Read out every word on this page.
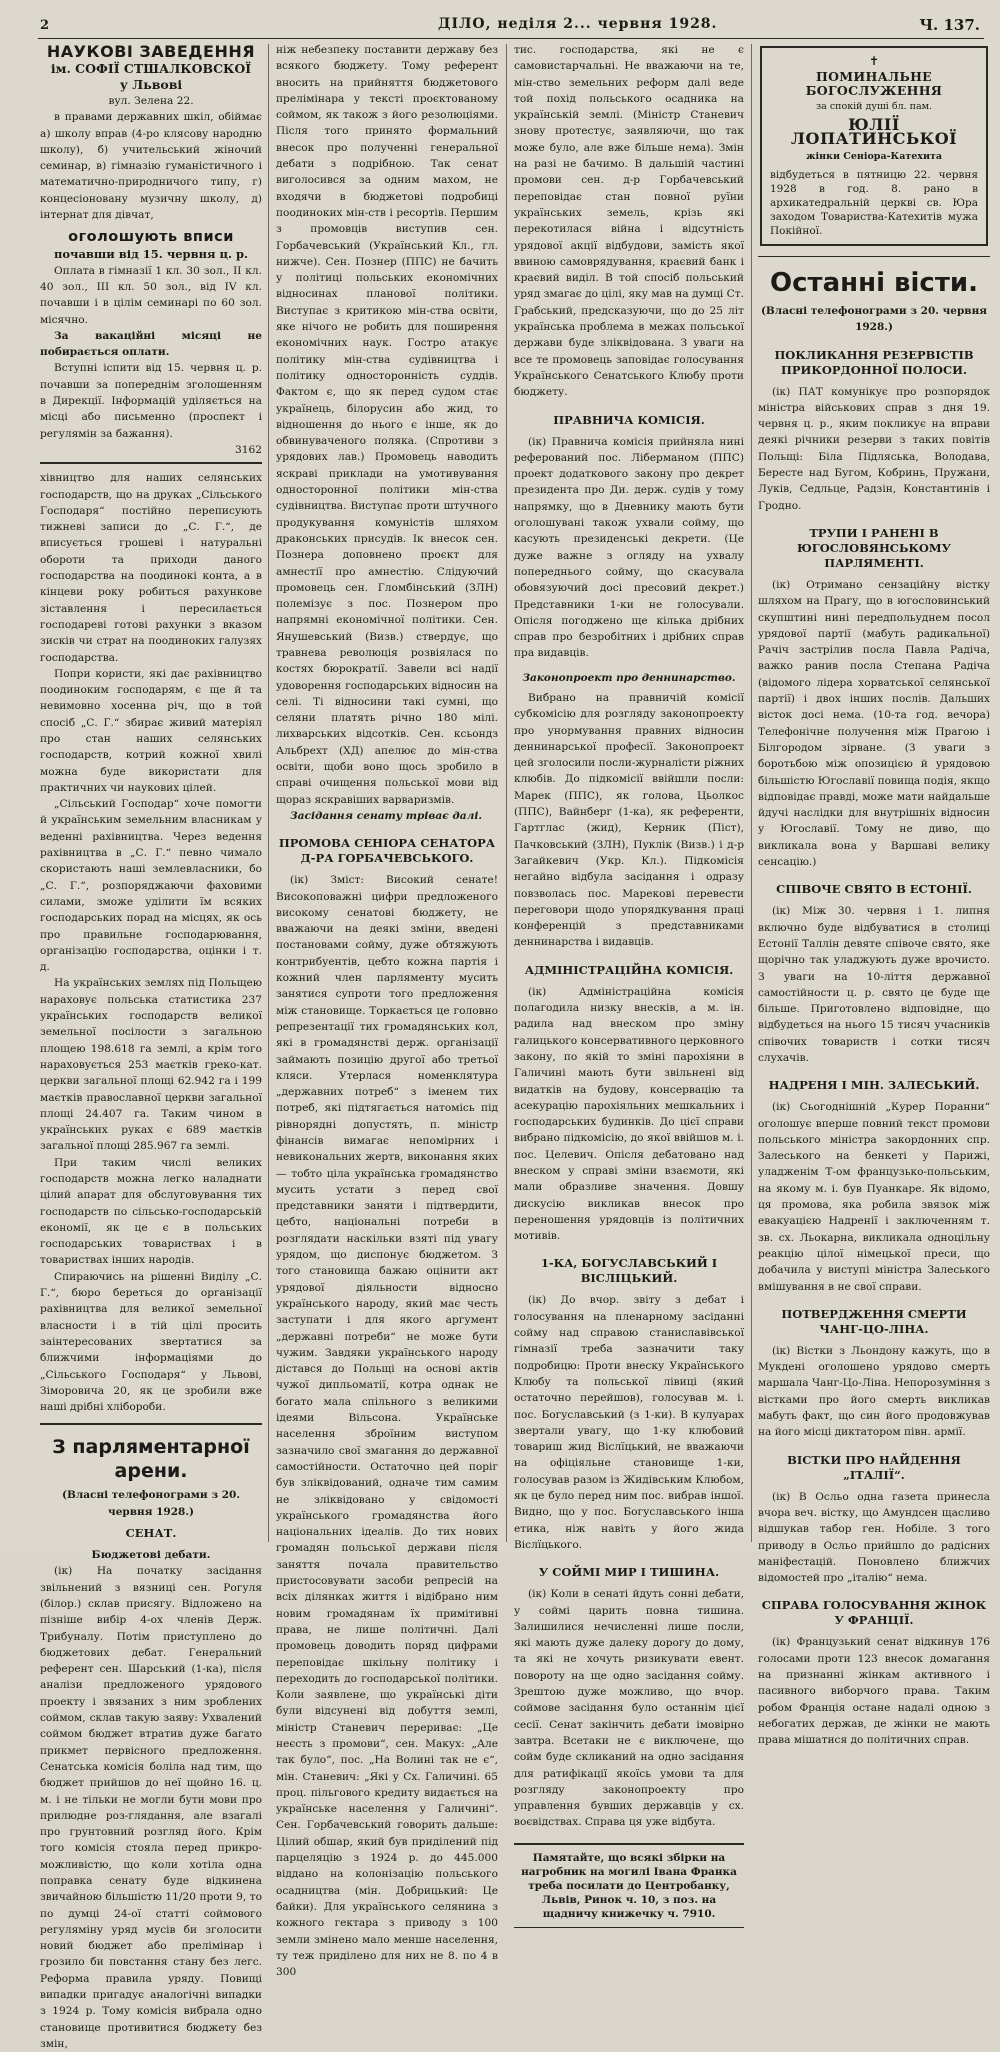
2	ДІЛО, неділя 2... червня 1928.	Ч. 137.
НАУКОВІ ЗАВЕДЕННЯ
ім. СОФІЇ СТШАЛКОВСКОЇ
у Львові
вул. Зелена 22.

в правами державних шкіл, обіймає а) школу вправ (4-ро клясову народню школу), б) учительський жіночий семинар, в) гімназію гуманістичного і математично-природничого типу, г) концесіоновану музичну школу, д) інтернат для дівчат,

оголошують вписи
почавши від 15. червня ц. р.

Оплата в гімназії 1 кл. 30 зол., II кл. 40 зол., III кл. 50 зол., від IV кл. почавши і в цілім семинарі по 60 зол. місячно.

За вакаційні місяці не побирається оплати.

Вступні іспити від 15. червня ц. р. почавши за попереднім зголошенням в Дирекції. Інформацій уділяється на місці або письменно (проспект і регулямін за бажання).

3162

хівництво для наших селянських господарств, що на друках „Сільського Господаря“ постійно переписують тижневі записи до „С. Г.“, де вписується грошеві і натуральні обороти та приходи даного господарства на поодинокі конта, а в кінцеви року робиться рахункове зіставлення і пересилається господареві готові рахунки з вказом зисків чи страт на поодиноких галузях господарства.

Попри користи, які дає рахівництво поодиноким господарям, є ще й та невимовно хосенна річ, що в той спосіб „С. Г.“ збирає живий матеріял про стан наших селянських господарств, котрий кожної хвилі можна буде використати для практичних чи наукових цілей.

„Сільський Господар“ хоче помогти й українським земельним власникам у веденні рахівництва. Через ведення рахівництва в „С. Г.“ певно чимало скористають наші землевласники, бо „С. Г.“, розпоряджаючи фаховими силами, зможе уділити їм всяких господарських порад на місцях, як ось про правильне господарювання, організацію господарства, оцінки і т. д.

На українських землях під Польщею нараховує польська статистика 237 українських господарств великої земельної посілости з загальною площею 198.618 га землі, а крім того нараховується 253 маєтків греко-кат. церкви загальної площі 62.942 га і 199 маєтків православної церкви загальної площі 24.407 га. Таким чином в українських руках є 689 маєтків загальної площі 285.967 га землі.

При таким числі великих господарств можна легко наладнати цілий апарат для обслуговування тих господарств по сільсько-господарській економії, як це є в польських господарських товариствах і в товариствах інших народів.

Спираючись на рішенні Виділу „С. Г.“, бюро береться до організації рахівництва для великої земельної власности і в тій цілі просить заінтересованих звертатися за ближчими інформаціями до „Сільського Господаря“ у Львові, Зіморовича 20, як це зробили вже наші дрібні хлібороби.

З парляментарної арени.
(Власні телефонограми з 20. червня 1928.)
СЕНАТ.
Бюджетові дебати.

(ік) На початку засідання звільнений з вязниці сен. Рогуля (білор.) склав присягу. Відложено на пізніше вибір 4-ох членів Держ. Трибуналу. Потім приступлено до бюджетових дебат. Генеральний референт сен. Шарський (1-ка), після аналізи предложеного урядового проекту і звязаних з ним зроблених соймом, склав такую заяву: Ухвалений соймом бюджет втратив дуже багато прикмет первісного предложення. Сенатська комісія боліла над тим, що бюджет прийшов до неї щойно 16. ц. м. і не тільки не могли бути мови про прилюдне роз-глядання, але взагалі про грунтовний розгляд його. Крім того комісія стояла перед прикро-можливістю, що коли хотіла одна поправка сенату буде відкинена звичайною більшістю 11/20 проти 9, то по думці 24-ої статті соймового регуляміну уряд мусів би зголосити новий бюджет або прелімінар і грозило би повстання стану без легс. Реформа правила уряду. Повищі випадки пригадує аналогічні випадки з 1924 р. Тому комісія вибрала одно становище противитися бюджету без змін,

ніж небезпеку поставити державу без всякого бюджету. Тому референт вносить на прийняття бюджетового прелімінара у тексті проєктованому соймом, як також з його резолюціями. Після того принято формальний внесок про полученні генеральної дебати з подрібною. Так сенат виголосився за одним махом, не входячи в бюджетові подробиці поодиноких мін-ств і ресортів. Першим з промовців виступив сен. Горбачевський (Український Кл., гл. нижче). Сен. Познер (ППС) не бачить у політиці польських економічних відносинах планової політики. Виступає з критикою мін-ства освіти, яке нічого не робить для поширення економічних наук. Гостро атакує політику мін-ства судівництва і політику односторонність суддів. Фактом є, що як перед судом стає українець, білорусин або жид, то відношення до нього є інше, як до обвинуваченого поляка. (Спротиви з урядових лав.) Промовець наводить яскраві приклади на умотивування односторонної політики мін-ства судівництва. Виступає проти штучного продукування комуністів шляхом драконських присудів. Ік внесок сен. Познера доповнено проєкт для амнестії про амнестію. Слідуючий промовець сен. Гломбінський (ЗЛН) полемізує з пос. Познером про напрямні економічної політики. Сен. Янушевський (Визв.) ствердує, що травнева революція розвіялася по костях бюрократії. Завели всі надії удоворення господарських відносин на селі. Ті відносини такі сумні, що селяни платять річно 180 мілі. лихварських відсотків. Сен. ксьондз Альбрехт (ХД) апелює до мін-ства освіти, щоби воно щось зробило в справі очищення польської мови від щораз яскравіших варваризмів.

Засідання сенату тріває далі.

ПРОМОВА СЕНІОРА СЕНАТОРА Д-РА ГОРБАЧЕВСЬКОГО.

(ік) Зміст: Високий сенате! Високоповажні цифри предложеного високому сенатові бюджету, не вважаючи на деякі зміни, введені постановами сойму, дуже обтяжують контрибуентів, цебто кожна партія і кожний член парляменту мусить занятися супроти того предложення між становище. Торкається це головно репрезентації тих громадянських кол, які в громадянстві держ. організації займають позицію другої або третьої кляси. Утерлася номенклятура „державних потреб“ з іменем тих потреб, які підтягається натомісь під рівнорядні допустять, п. міністр фінансів вимагає непомірних і невикональних жертв, виконання яких — тобто ціла українська громадянство мусить устати з перед свої представники заняти і підтвердити, цебто, національні потреби в розглядати наскільки взяті під увагу урядом, що диспонує бюджетом. З того становища бажаю оцінити акт урядової діяльности відносно українського народу, який має честь заступати і для якого аргумент „державні потреби“ не може бути чужим. Завдяки українського народу дістався до Польщі на основі актів чужої дипльоматії, котра однак не богато мала спільного з великими ідеями Вільсона. Українське населення зброїним виступом зазначило свої змагання до державної самостійности. Остаточно цей поріг був зліквідований, одначе тим самим не зліквідовано у свідомості українського громадянства його національних ідеалів. До тих нових громадян польської держави після заняття почала правительство пристосовувати засоби репресій на всіх ділянках життя і відібрано ним новим громадянам їх примітивні права, не лише політичні. Далі промовець доводить поряд цифрами переповідає шкільну політику і переходить до господарської політики. Коли заявлене, що українські діти були відсунені від добуття землі, міністр Станевич перериває: „Це неєсть з промови“, сен. Макух: „Але так було“, пос. „На Волині так не є“, мін. Станевич: „Які у Сх. Галичині. 65 проц. пільгового кредиту видається на українське населення у Галичині“. Сен. Горбачевський говорить дальше: Цілий обшар, який був приділений під парцеляцію з 1924 р. до 445.000 віддано на колонізацію польського осадництва (мін. Добрицький: Це байки). Для українського селянина з кожного гектара з приводу з 100 земли змінено мало менше населення, ту теж приділено для них не 8. по 4 в 300

тис. господарства, які не є самовистарчальні. Не вважаючи на те, мін-ство земельних реформ далі веде той похід польського осадника на українській землі. (Міністр Станевич знову протестує, заявляючи, що так може було, але вже більше нема). Змін на разі не бачимо. В дальшій частині промови сен. д-р Горбачевський переповідає стан повної руїни українських земель, крізь які перекотилася війна і відсутність урядової акції відбудови, замість якої ввиною самоврядування, краєвий банк і краєвий виділ. В той спосіб польський уряд змагає до цілі, яку мав на думці Ст. Грабський, предсказуючи, що до 25 літ українська проблема в межах польської держави буде зліквідована. З уваги на все те промовець заповідає голосування Українського Сенатського Клюбу проти бюджету.

ПРАВНИЧА КОМІСІЯ.

(ік) Правнича комісія прийняла нині реферований пос. Ліберманом (ППС) проект додаткового закону про декрет президента про Ди. держ. судів у тому напрямку, що в Дневнику мають бути оголошувані також ухвали сойму, що касують президенські декрети. (Це дуже важне з огляду на ухвалу попереднього сойму, що скасувала обовязуючий досі пресовий декрет.) Представники 1-ки не голосували. Опісля погоджено ще кілька дрібних справ про безробітних і дрібних справ пра видавців.

Законопроект про деннинарство.

Вибрано на правничій комісії субкомісію для розгляду законопроекту про унормування правних відносин деннинарської професії. Законопроект цей зголосили посли-журналісти ріжних клюбів. До підкомісії ввійшли посли: Марек (ППС), як голова, Цьолкос (ППС), Вайнберг (1-ка), як референти, Гартглас (жид), Керник (Піст), Пачковський (ЗЛН), Пуклік (Визв.) і д-р Загайкевич (Укр. Кл.). Підкомісія негайно відбула засідання і одразу повзволась пос. Марекові перевести переговори щодо упорядкування праці конференцій з представниками деннинарства і видавців.

АДМІНІСТРАЦІЙНА КОМІСІЯ.

(ік) Адміністраційна комісія полагодила низку внесків, а м. ін. радила над внеском про зміну галицького консервативного церковного закону, по якій то зміні парохіяни в Галичині мають бути звільнені від видатків на будову, консервацію та асекурацію парохіяльних мешкальних і господарських будинків. До цієї справи вибрано підкомісію, до якої ввійшов м. і. пос. Целевич. Опісля дебатовано над внеском у справі зміни взаємоти, які мали образливе значення. Довшу дискусію викликав внесок про переношення урядовців із політичних мотивів.

1-КА, БОГУСЛАВСЬКИЙ І ВІСЛІЦЬКИЙ.

(ік) До вчор. звіту з дебат і голосування на пленарному засіданні сойму над справою станиславівської гімназії треба зазначити таку подробицю: Проти внеску Українського Клюбу та польської лівиці (який остаточно перейшов), голосував м. і. пос. Богуславський (з 1-ки). В кулуарах звертали увагу, що 1-ку клюбовий товариш жид Віслїцький, не вважаючи на офіціяльне становище 1-ки, голосував разом із Жидівським Клюбом, як це було перед ним пос. вибрав іншої. Видно, що у пос. Богуславського інша етика, ніж навіть у його жида Віслїцького.

У СОЙМІ МИР І ТИШИНА.

(ік) Коли в сенаті йдуть сонні дебати, у соймі царить повна тишина. Залишилися нечисленні лише посли, які мають дуже далеку дорогу до дому, та які не хочуть ризикувати евент. повороту на ще одно засідання сойму. Зрештою дуже можливо, що вчор. соймове засідання було останнім цієї сесії. Сенат закінчить дебати імовірно завтра. Всетаки не є виключене, що сойм буде скликаний на одно засідання для ратифікації якоїсь умови та для розгляду законопроекту про управлення бувших державців у сх. воєвідствах. Справа ця уже відбута.

Памятайте, що всякі збірки на нагробник на могилі Івана Франка треба посилати до Центробанку, Львів, Ринок ч. 10, з поз. на щадничу книжечку ч. 7910.
✝
ПОМИНАЛЬНЕ БОГОСЛУЖЕННЯ
за спокій душі бл. пам.
ЮЛІЇ ЛОПАТИНСЬКОЇ
жінки Сеніора-Катехита
відбудеться в пятницю 22. червня 1928 в год. 8. рано в архикатедральній церкві св. Юра заходом Товариства-Катехитів мужа Покійної.
Останні вісти.
(Власні телефонограми з 20. червня 1928.)
ПОКЛИКАННЯ РЕЗЕРВІСТІВ ПРИКОРДОННОЇ ПОЛОСИ.

(ік) ПАТ комунікує про розпорядок міністра військових справ з дня 19. червня ц. р., яким покликує на вправи деякі річники резерви з таких повітів Польщі: Біла Підляська, Володава, Бересте над Бугом, Кобринь, Пружани, Луків, Седльце, Радзін, Константинів і Гродно.

ТРУПИ І РАНЕНІ В ЮГОСЛОВЯНСЬКОМУ ПАРЛЯМЕНТІ.

(ік) Отримано сензаційну вістку шляхом на Прагу, що в югословинський скупштині нині передпольуднем посол урядової партії (мабуть радикальної) Рачіч застрілив посла Павла Радіча, важко ранив посла Степана Радіча (відомого лідера хорватської селянської партії) і двох інших послів. Дальших вісток досі нема. (10-та год. вечора) Телефонічне получення між Прагою і Білгородом зірване. (З уваги з боротьбою між опозицією й урядовою більшістю Югославії повища подія, якщо відповідає правді, може мати найдальше йдучі наслідки для внутрішніх відносин у Югославії. Тому не диво, що викликала вона у Варшаві велику сенсацію.)

СПІВОЧЕ СВЯТО В ЕСТОНІЇ.

(ік) Між 30. червня і 1. липня включно буде відбуватися в столиці Естонії Таллін девяте співоче свято, яке щорічно так уладжують дуже врочисто. З уваги на 10-ліття державної самостійности ц. р. свято це буде ще більше. Приготовлено відповідне, що відбудеться на нього 15 тисяч учасників співочих товариств і сотки тисяч слухачів.

НАДРЕНЯ І МІН. ЗАЛЕСЬКИЙ.

(ік) Сьогоднішній „Курер Поранни“ оголошує вперше повний текст промови польського міністра закордонних спр. Залеського на бенкеті у Парижі, уладженім Т-ом французько-польським, на якому м. і. був Пуанкаре. Як відомо, ця промова, яка робила звязок між евакуацією Надренії і заключенням т. зв. сх. Льокарна, викликала одноцільну реакцію цілої німецької преси, що добачила у виступі міністра Залеського вмішування в не свої справи.

ПОТВЕРДЖЕННЯ СМЕРТИ ЧАНГ-ЦО-ЛІНА.

(ік) Вістки з Льондону кажуть, що в Мукдені оголошено урядово смерть маршала Чанг-Цо-Ліна. Непорозуміння з вістками про його смерть викликав мабуть факт, що син його продовжував на його місці диктатором півн. армії.

ВІСТКИ ПРО НАЙДЕННЯ „ІТАЛІЇ“.

(ік) В Осльо одна газета принесла вчора веч. вістку, що Амундсен щасливо відшукав табор ген. Нобіле. З того приводу в Осльо прийшло до радісних маніфестацій. Поновлено ближчих відомостей про „італію“ нема.

СПРАВА ГОЛОСУВАННЯ ЖІНОК У ФРАНЦІЇ.

(ік) Французький сенат відкинув 176 голосами проти 123 внесок домагання на признанні жінкам активного і пасивного виборчого права. Таким робом Франція остане надалі одною з небогатих держав, де жінки не мають права мішатися до політичних справ.
